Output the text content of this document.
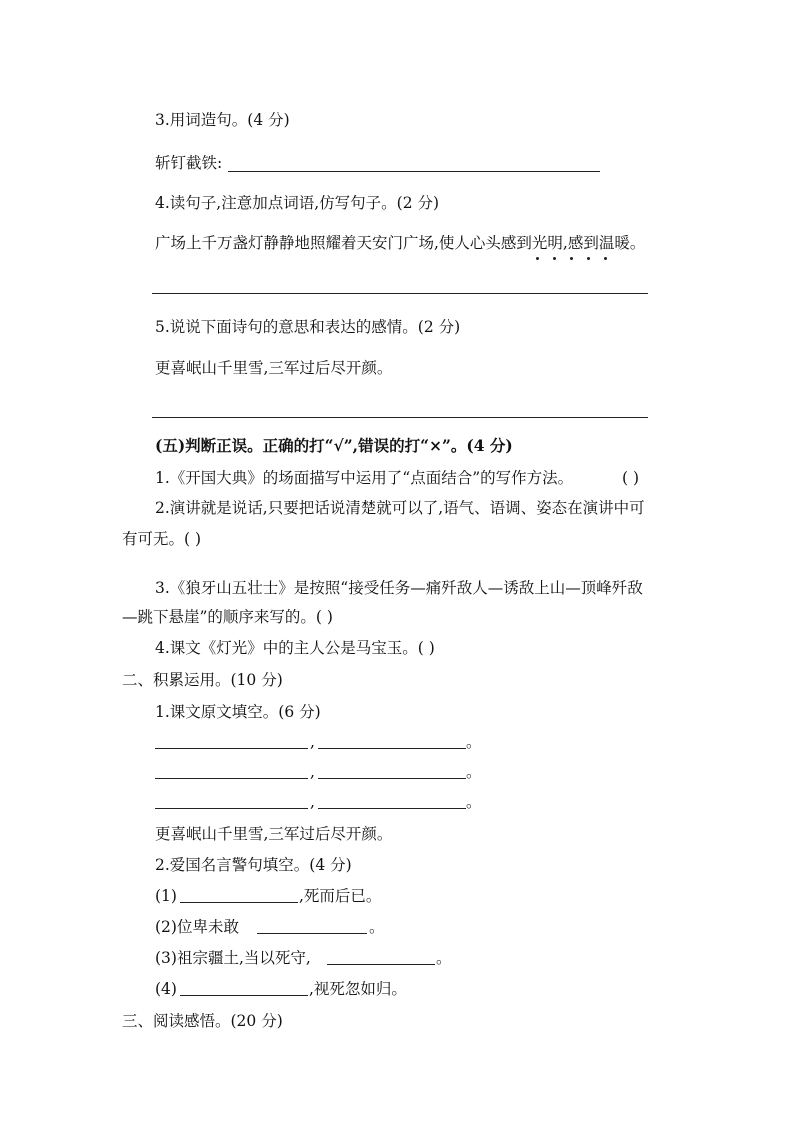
3.用词造句。(4 分)
斩钉截铁:
4.读句子,注意加点词语,仿写句子。(2 分)
广场上千万盏灯静静地照耀着天安门广场,使人心头感到光明,感到温暖。
5.说说下面诗句的意思和表达的感情。(2 分)
更喜岷山千里雪,三军过后尽开颜。
(五)判断正误。正确的打“√”,错误的打“×”。(4 分)
1.《开国大典》的场面描写中运用了“点面结合”的写作方法。	( )
2.演讲就是说话,只要把话说清楚就可以了,语气、语调、姿态在演讲中可
有可无。( )
3.《狼牙山五壮士》是按照“接受任务—痛歼敌人—诱敌上山—顶峰歼敌
—跳下悬崖”的顺序来写的。( )
4.课文《灯光》中的主人公是马宝玉。( )
二、积累运用。(10 分)
1.课文原文填空。(6 分)
,	。
,	。
,	。
更喜岷山千里雪,三军过后尽开颜。
2.爱国名言警句填空。(4 分)
(1)	,死而后已。
(2)位卑未敢	。
(3)祖宗疆土,当以死守,	。
(4)	,视死忽如归。
三、阅读感悟。(20 分)
